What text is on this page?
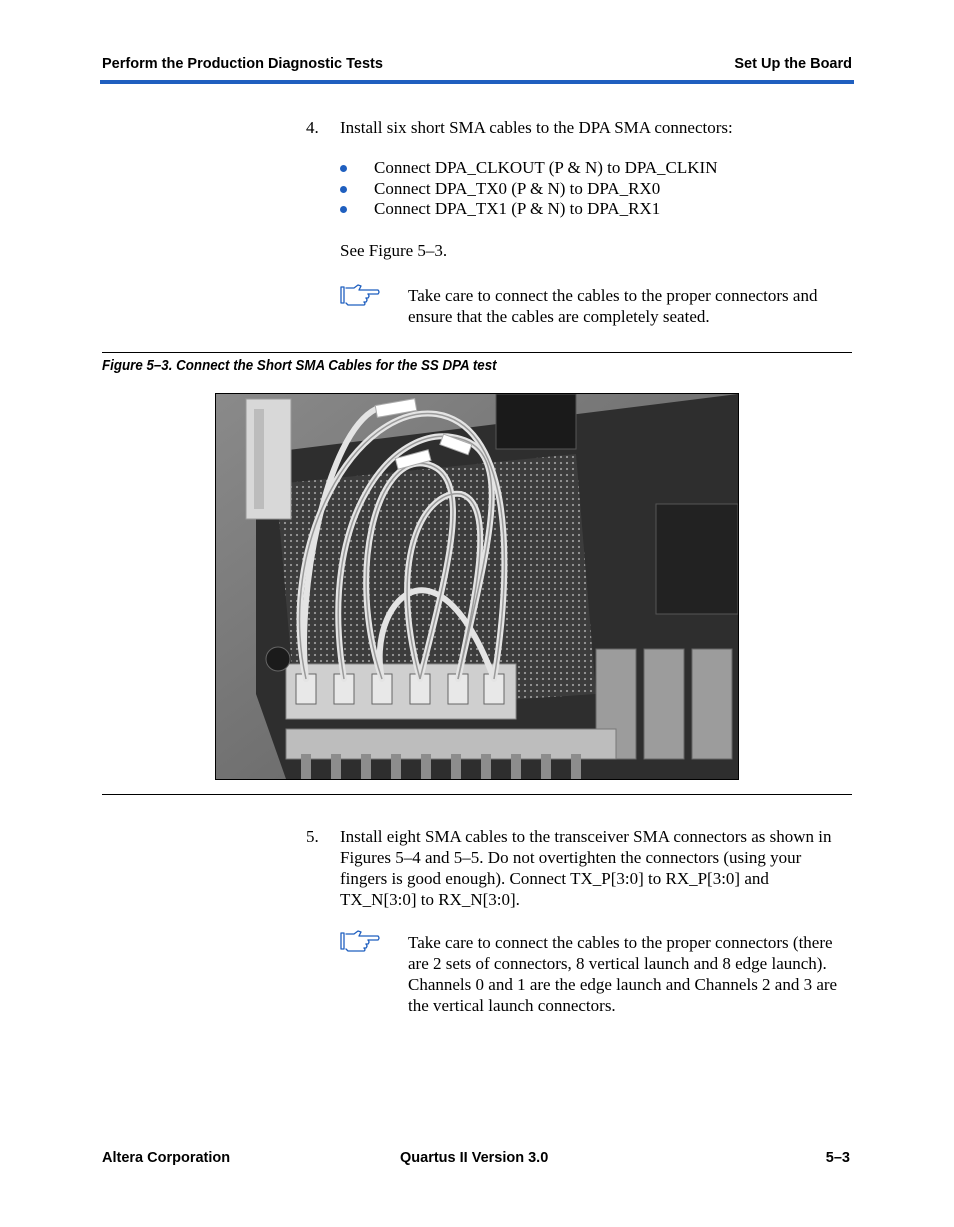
Perform the Production Diagnostic Tests	Set Up the Board
4. Install six short SMA cables to the DPA SMA connectors:
Connect DPA_CLKOUT (P & N) to DPA_CLKIN
Connect DPA_TX0 (P & N) to DPA_RX0
Connect DPA_TX1 (P & N) to DPA_RX1
See Figure 5–3.
Take care to connect the cables to the proper connectors and ensure that the cables are completely seated.
Figure 5–3. Connect the Short SMA Cables for the SS DPA test
5. Install eight SMA cables to the transceiver SMA connectors as shown in Figures 5–4 and 5–5. Do not overtighten the connectors (using your fingers is good enough). Connect TX_P[3:0] to RX_P[3:0] and TX_N[3:0] to RX_N[3:0].
Take care to connect the cables to the proper connectors (there are 2 sets of connectors, 8 vertical launch and 8 edge launch). Channels 0 and 1 are the edge launch and Channels 2 and 3 are the vertical launch connectors.
Altera Corporation	Quartus II Version 3.0	5–3
